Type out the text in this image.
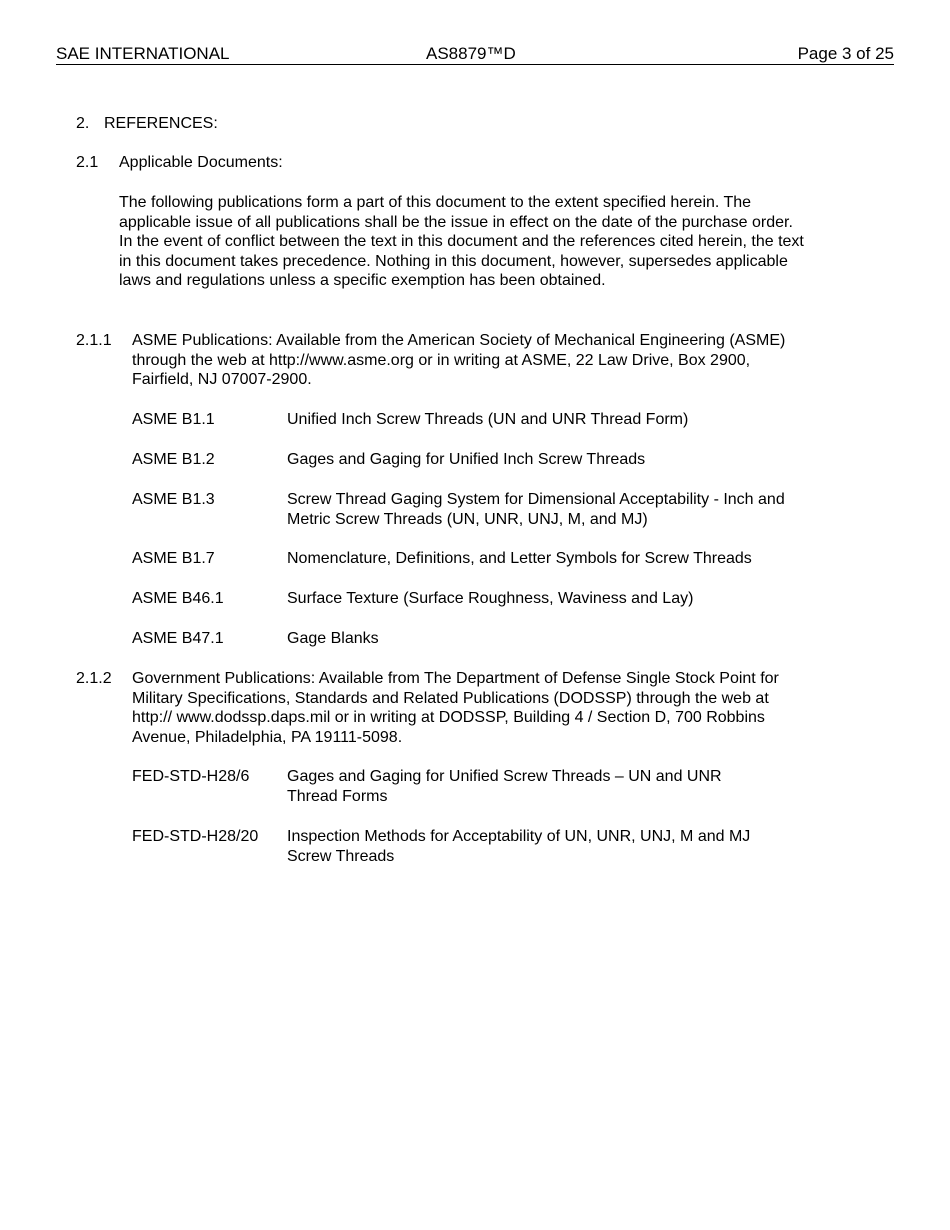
SAE INTERNATIONAL	AS8879™D	Page 3 of 25
2. REFERENCES:
2.1 Applicable Documents:
The following publications form a part of this document to the extent specified herein. The applicable issue of all publications shall be the issue in effect on the date of the purchase order. In the event of conflict between the text in this document and the references cited herein, the text in this document takes precedence. Nothing in this document, however, supersedes applicable laws and regulations unless a specific exemption has been obtained.
2.1.1 ASME Publications: Available from the American Society of Mechanical Engineering (ASME) through the web at http://www.asme.org or in writing at ASME, 22 Law Drive, Box 2900, Fairfield, NJ 07007-2900.
ASME B1.1	Unified Inch Screw Threads (UN and UNR Thread Form)
ASME B1.2	Gages and Gaging for Unified Inch Screw Threads
ASME B1.3	Screw Thread Gaging System for Dimensional Acceptability - Inch and Metric Screw Threads (UN, UNR, UNJ, M, and MJ)
ASME B1.7	Nomenclature, Definitions, and Letter Symbols for Screw Threads
ASME B46.1	Surface Texture (Surface Roughness, Waviness and Lay)
ASME B47.1	Gage Blanks
2.1.2 Government Publications: Available from The Department of Defense Single Stock Point for Military Specifications, Standards and Related Publications (DODSSP) through the web at http:// www.dodssp.daps.mil or in writing at DODSSP, Building 4 / Section D, 700 Robbins Avenue, Philadelphia, PA 19111-5098.
FED-STD-H28/6 Gages and Gaging for Unified Screw Threads – UN and UNR Thread Forms
FED-STD-H28/20 Inspection Methods for Acceptability of UN, UNR, UNJ, M and MJ Screw Threads
